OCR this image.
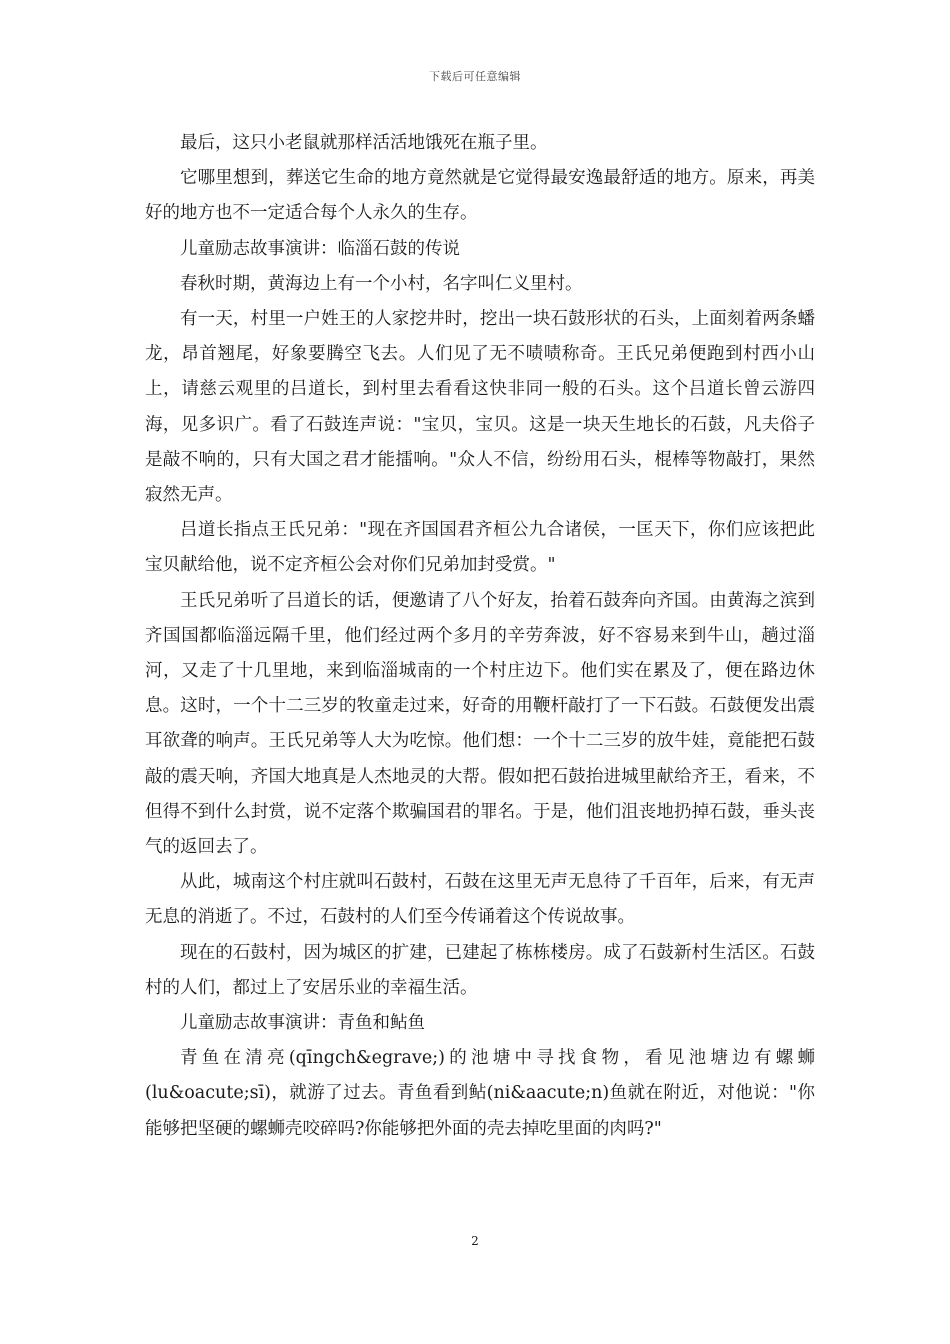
下载后可任意编辑

最后，这只小老鼠就那样活活地饿死在瓶子里。

它哪里想到，葬送它生命的地方竟然就是它觉得最安逸最舒适的地方。原来，再美好的地方也不一定适合每个人永久的生存。

儿童励志故事演讲：临淄石鼓的传说

春秋时期，黄海边上有一个小村，名字叫仁义里村。

有一天，村里一户姓王的人家挖井时，挖出一块石鼓形状的石头，上面刻着两条蟠龙，昂首翘尾，好象要腾空飞去。人们见了无不啧啧称奇。王氏兄弟便跑到村西小山上，请慈云观里的吕道长，到村里去看看这快非同一般的石头。这个吕道长曾云游四海，见多识广。看了石鼓连声说："宝贝，宝贝。这是一块天生地长的石鼓，凡夫俗子是敲不响的，只有大国之君才能擂响。"众人不信，纷纷用石头，棍棒等物敲打，果然寂然无声。

吕道长指点王氏兄弟："现在齐国国君齐桓公九合诸侯，一匡天下，你们应该把此宝贝献给他，说不定齐桓公会对你们兄弟加封受赏。"

王氏兄弟听了吕道长的话，便邀请了八个好友，抬着石鼓奔向齐国。由黄海之滨到齐国国都临淄远隔千里，他们经过两个多月的辛劳奔波，好不容易来到牛山，趟过淄河，又走了十几里地，来到临淄城南的一个村庄边下。他们实在累及了，便在路边休息。这时，一个十二三岁的牧童走过来，好奇的用鞭杆敲打了一下石鼓。石鼓便发出震耳欲聋的响声。王氏兄弟等人大为吃惊。他们想：一个十二三岁的放牛娃，竟能把石鼓敲的震天响，齐国大地真是人杰地灵的大帮。假如把石鼓抬进城里献给齐王，看来，不但得不到什么封赏，说不定落个欺骗国君的罪名。于是，他们沮丧地扔掉石鼓，垂头丧气的返回去了。

从此，城南这个村庄就叫石鼓村，石鼓在这里无声无息待了千百年，后来，有无声无息的消逝了。不过，石鼓村的人们至今传诵着这个传说故事。

现在的石鼓村，因为城区的扩建，已建起了栋栋楼房。成了石鼓新村生活区。石鼓村的人们，都过上了安居乐业的幸福生活。

儿童励志故事演讲：青鱼和鲇鱼

青鱼在清亮(qīngch&egrave;)的池塘中寻找食物，看见池塘边有螺蛳(lu&oacute;sī)，就游了过去。青鱼看到鲇(ni&aacute;n)鱼就在附近，对他说："你能够把坚硬的螺蛳壳咬碎吗?你能够把外面的壳去掉吃里面的肉吗?"

2
